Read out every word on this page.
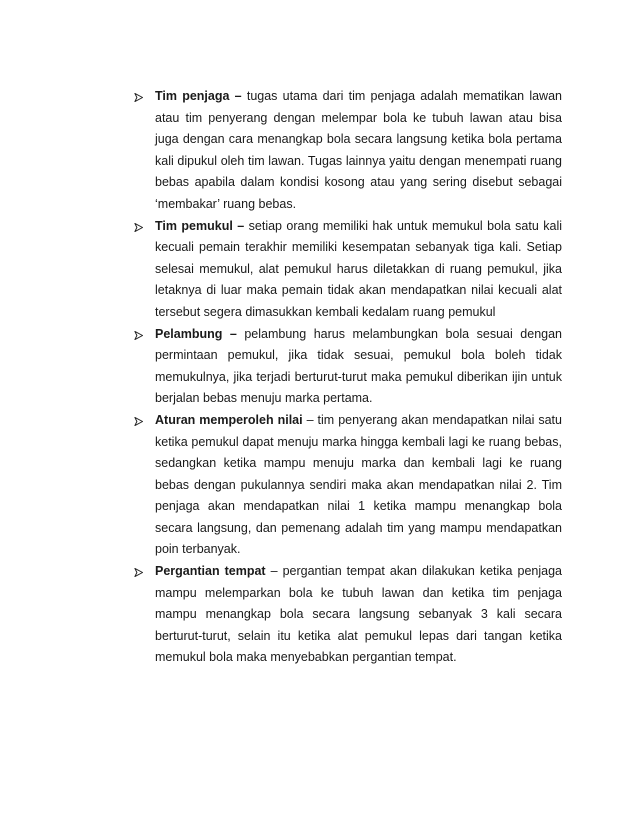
Tim penjaga – tugas utama dari tim penjaga adalah mematikan lawan atau tim penyerang dengan melempar bola ke tubuh lawan atau bisa juga dengan cara menangkap bola secara langsung ketika bola pertama kali dipukul oleh tim lawan. Tugas lainnya yaitu dengan menempati ruang bebas apabila dalam kondisi kosong atau yang sering disebut sebagai ‘membakar’ ruang bebas.
Tim pemukul – setiap orang memiliki hak untuk memukul bola satu kali kecuali pemain terakhir memiliki kesempatan sebanyak tiga kali. Setiap selesai memukul, alat pemukul harus diletakkan di ruang pemukul, jika letaknya di luar maka pemain tidak akan mendapatkan nilai kecuali alat tersebut segera dimasukkan kembali kedalam ruang pemukul
Pelambung – pelambung harus melambungkan bola sesuai dengan permintaan pemukul, jika tidak sesuai, pemukul bola boleh tidak memukulnya, jika terjadi berturut-turut maka pemukul diberikan ijin untuk berjalan bebas menuju marka pertama.
Aturan memperoleh nilai – tim penyerang akan mendapatkan nilai satu ketika pemukul dapat menuju marka hingga kembali lagi ke ruang bebas, sedangkan ketika mampu menuju marka dan kembali lagi ke ruang bebas dengan pukulannya sendiri maka akan mendapatkan nilai 2. Tim penjaga akan mendapatkan nilai 1 ketika mampu menangkap bola secara langsung, dan pemenang adalah tim yang mampu mendapatkan poin terbanyak.
Pergantian tempat – pergantian tempat akan dilakukan ketika penjaga mampu melemparkan bola ke tubuh lawan dan ketika tim penjaga mampu menangkap bola secara langsung sebanyak 3 kali secara berturut-turut, selain itu ketika alat pemukul lepas dari tangan ketika memukul bola maka menyebabkan pergantian tempat.
